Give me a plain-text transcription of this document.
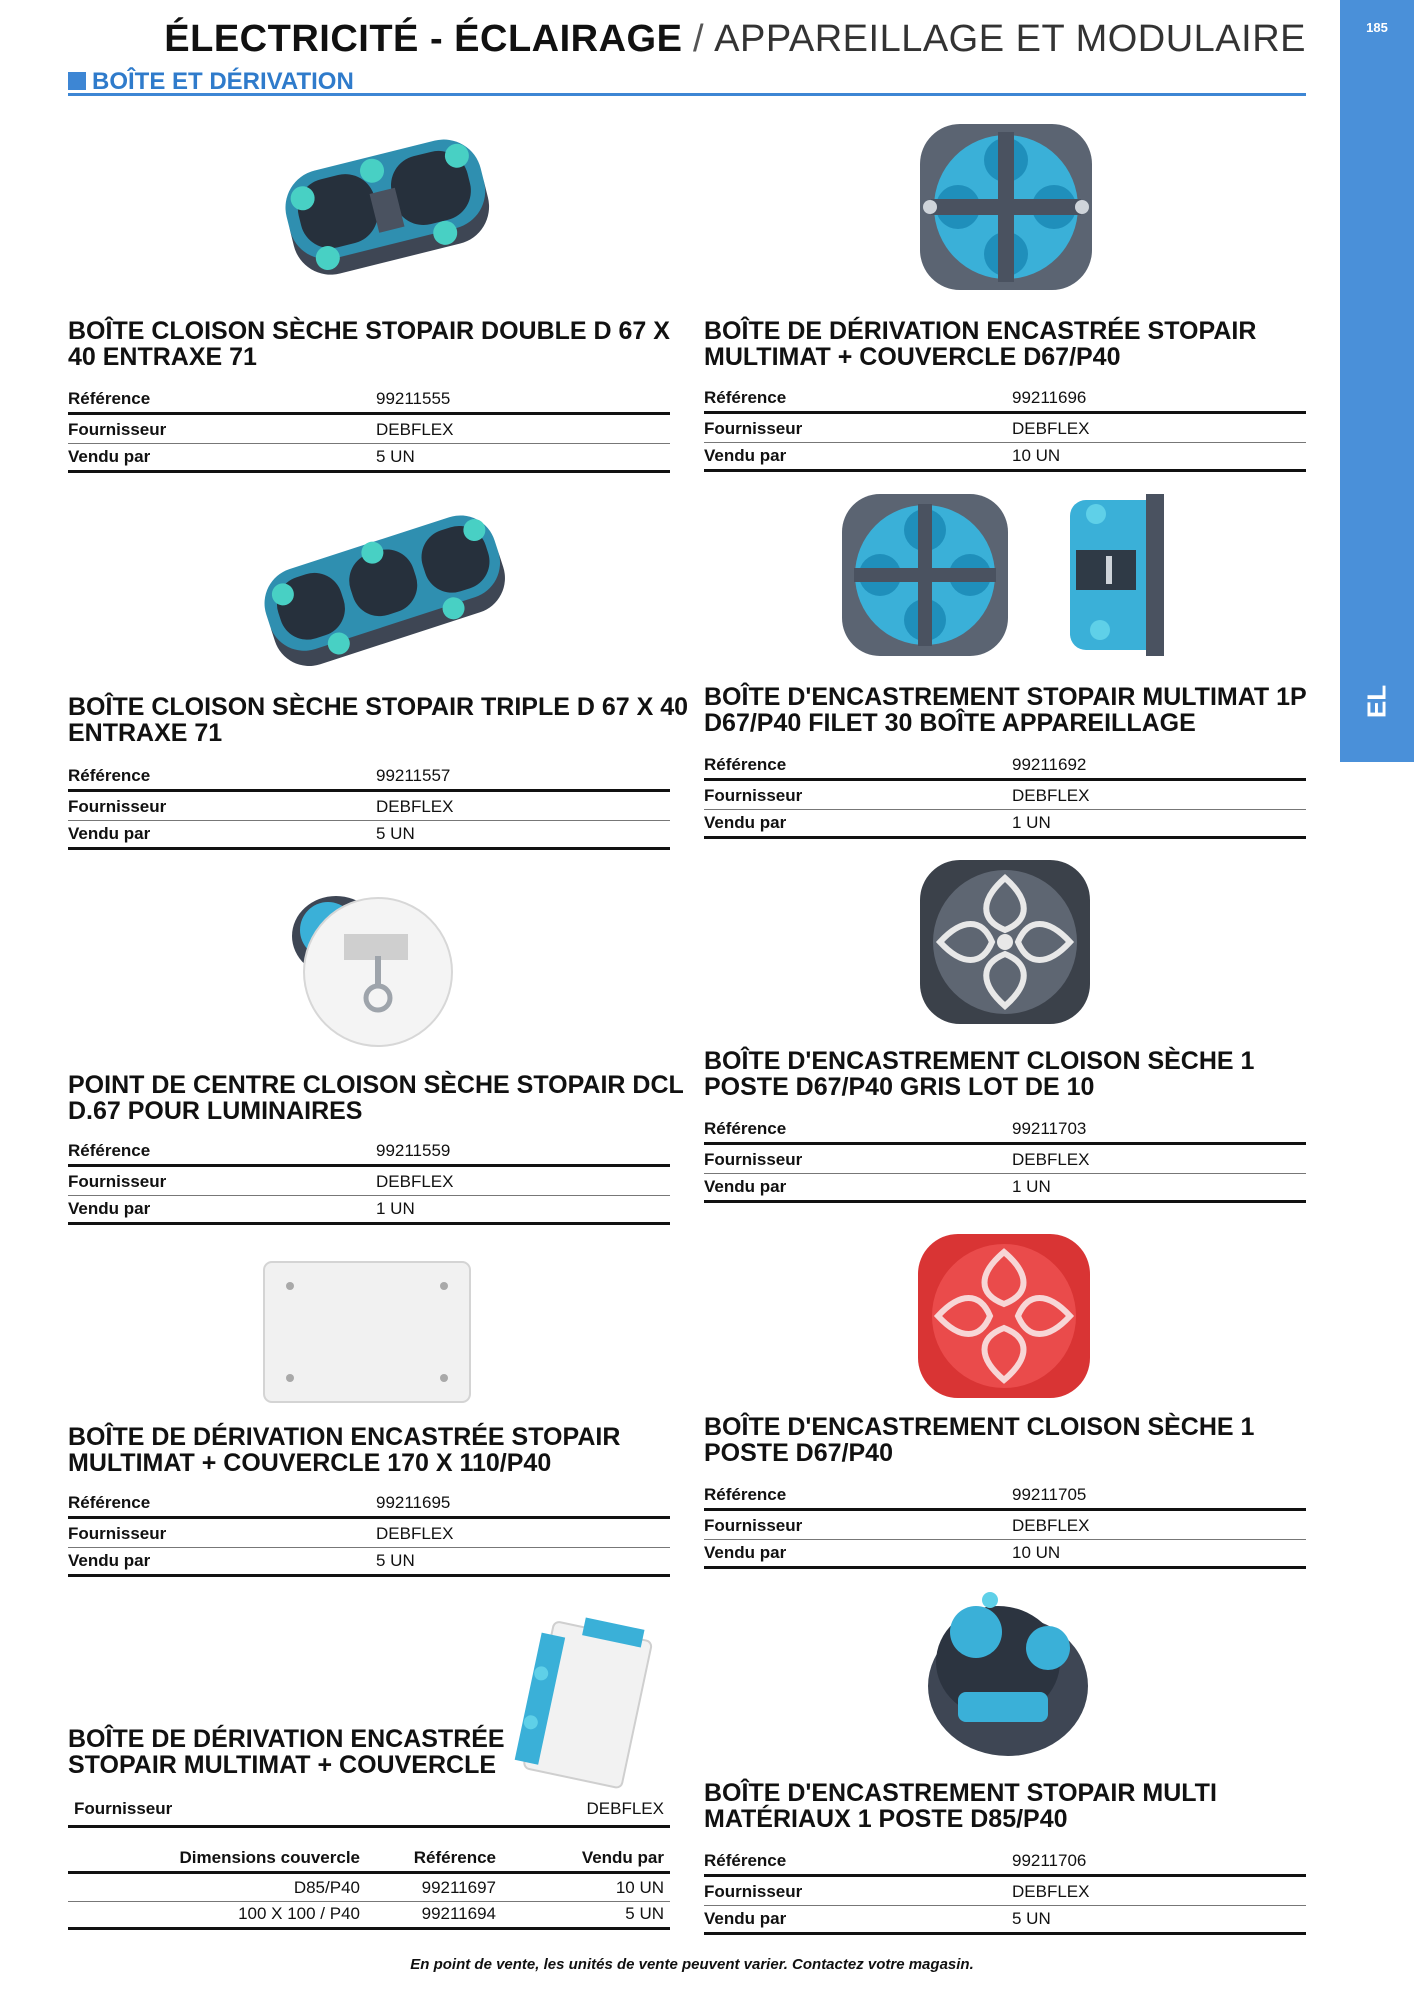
ÉLECTRICITÉ - ÉCLAIRAGE / APPAREILLAGE ET MODULAIRE
BOÎTE ET DÉRIVATION
185
EL
BOÎTE CLOISON SÈCHE STOPAIR DOUBLE D 67 X 40 ENTRAXE 71
Référence	99211555
Fournisseur	DEBFLEX
Vendu par	5 UN
BOÎTE DE DÉRIVATION ENCASTRÉE STOPAIR MULTIMAT + COUVERCLE D67/P40
Référence	99211696
Fournisseur	DEBFLEX
Vendu par	10 UN
BOÎTE CLOISON SÈCHE STOPAIR TRIPLE D 67 X 40 ENTRAXE 71
Référence	99211557
Fournisseur	DEBFLEX
Vendu par	5 UN
BOÎTE D'ENCASTREMENT STOPAIR MULTIMAT 1P D67/P40 FILET 30 BOÎTE APPAREILLAGE
Référence	99211692
Fournisseur	DEBFLEX
Vendu par	1 UN
POINT DE CENTRE CLOISON SÈCHE STOPAIR DCL D.67 POUR LUMINAIRES
Référence	99211559
Fournisseur	DEBFLEX
Vendu par	1 UN
BOÎTE D'ENCASTREMENT CLOISON SÈCHE 1 POSTE D67/P40 GRIS LOT DE 10
Référence	99211703
Fournisseur	DEBFLEX
Vendu par	1 UN
BOÎTE DE DÉRIVATION ENCASTRÉE STOPAIR MULTIMAT + COUVERCLE 170 X 110/P40
Référence	99211695
Fournisseur	DEBFLEX
Vendu par	5 UN
BOÎTE D'ENCASTREMENT CLOISON SÈCHE 1 POSTE D67/P40
Référence	99211705
Fournisseur	DEBFLEX
Vendu par	10 UN
BOÎTE D'ENCASTREMENT STOPAIR MULTI MATÉRIAUX 1 POSTE D85/P40
Référence	99211706
Fournisseur	DEBFLEX
Vendu par	5 UN
BOÎTE DE DÉRIVATION ENCASTRÉE STOPAIR MULTIMAT + COUVERCLE
Fournisseur	DEBFLEX
Dimensions couvercle	Référence	Vendu par
D85/P40	99211697	10 UN
100 X 100 / P40	99211694	5 UN
En point de vente, les unités de vente peuvent varier. Contactez votre magasin.
